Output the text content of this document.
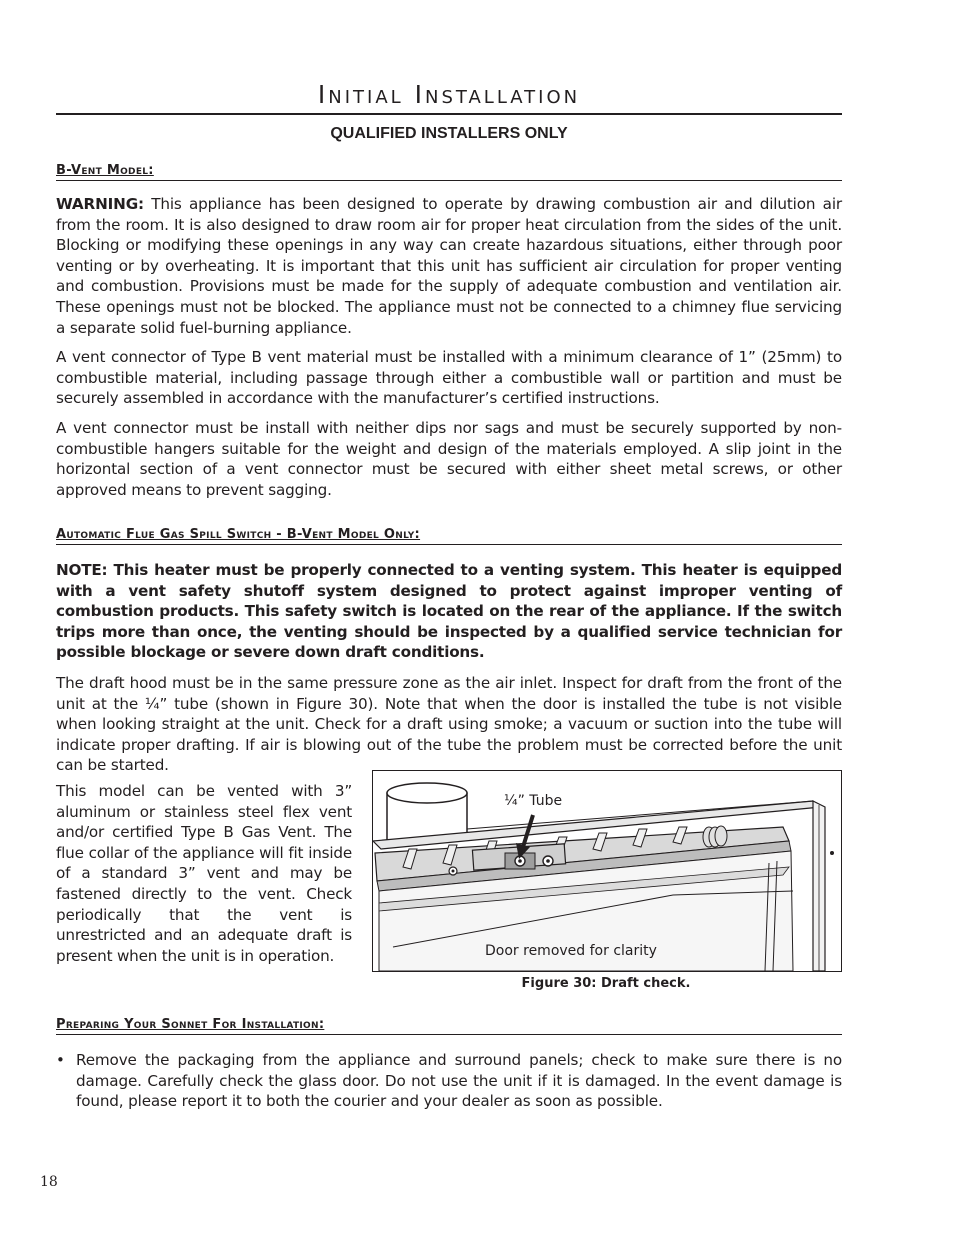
Initial Installation
QUALIFIED INSTALLERS ONLY
B-Vent Model:

WARNING: This appliance has been designed to operate by drawing combustion air and dilution air from the room. It is also designed to draw room air for proper heat circulation from the sides of the unit. Blocking or modifying these openings in any way can create hazardous situations, either through poor venting or by overheating. It is important that this unit has sufficient air circulation for proper venting and combustion. Provisions must be made for the supply of adequate combustion and ventilation air. These openings must not be blocked. The appliance must not be connected to a chimney flue servicing a separate solid fuel-burning appliance.

A vent connector of Type B vent material must be installed with a minimum clearance of 1” (25mm) to combustible material, including passage through either a combustible wall or partition and must be securely assembled in accordance with the manufacturer’s certified instructions.

A vent connector must be install with neither dips nor sags and must be securely supported by non-combustible hangers suitable for the weight and design of the materials employed. A slip joint in the horizontal section of a vent connector must be secured with either sheet metal screws, or other approved means to prevent sagging.

Automatic Flue Gas Spill Switch - B-Vent Model Only:

NOTE: This heater must be properly connected to a venting system. This heater is equipped with a vent safety shutoff system designed to protect against improper venting of combustion products. This safety switch is located on the rear of the appliance. If the switch trips more than once, the venting should be inspected by a qualified service technician for possible blockage or severe down draft conditions.

The draft hood must be in the same pressure zone as the air inlet. Inspect for draft from the front of the unit at the ¼” tube (shown in Figure 30). Note that when the door is installed the tube is not visible when looking straight at the unit. Check for a draft using smoke; a vacuum or suction into the tube will indicate proper drafting. If air is blowing out of the tube the problem must be corrected before the unit can be started.

This model can be vented with 3” aluminum or stainless steel flex vent and/or certified Type B Gas Vent. The flue collar of the appliance will fit inside of a standard 3” vent and may be fastened directly to the vent. Check periodically that the vent is unrestricted and an adequate draft is present when the unit is in operation.

¼” Tube
Door removed for clarity
Figure 30: Draft check.
Preparing Your Sonnet For Installation:
• Remove the packaging from the appliance and surround panels; check to make sure there is no damage. Carefully check the glass door. Do not use the unit if it is damaged. In the event damage is found, please report it to both the courier and your dealer as soon as possible.

18
